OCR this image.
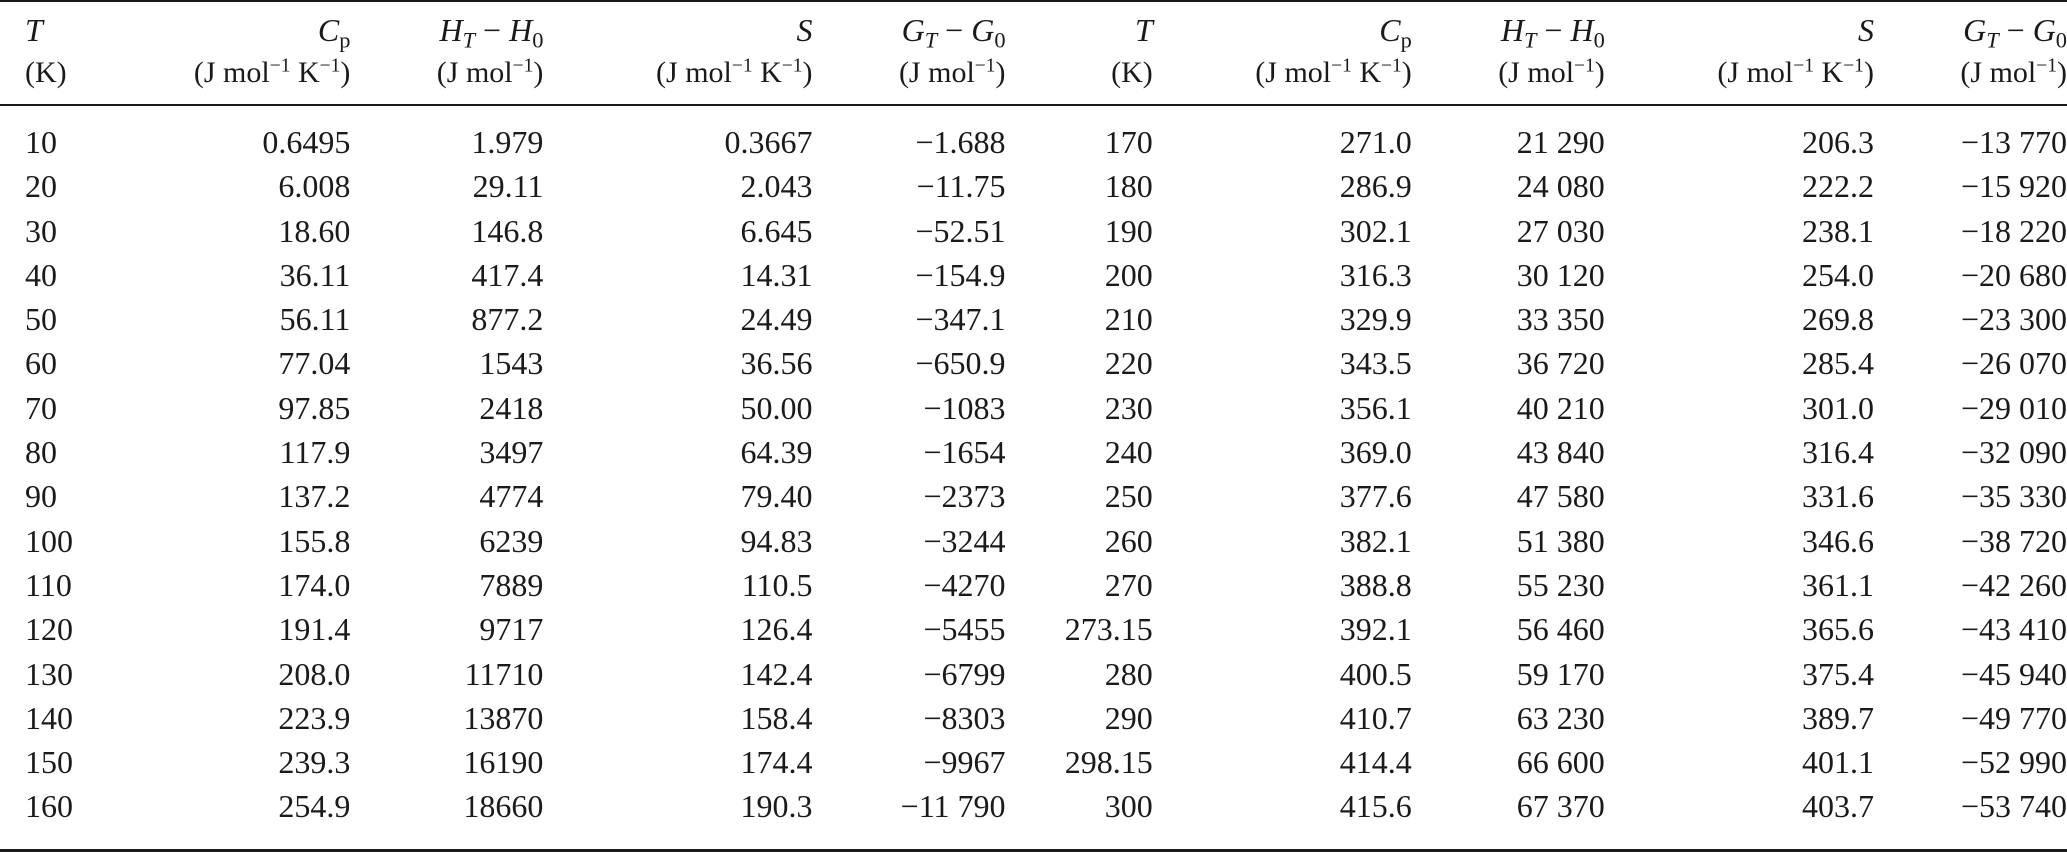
T	$C_p$	$H_T - H_0$	S	$G_T - G_0$	T	$C_p$	$H_T - H_0$	S	$G_T - G_0$
(K)	(J mol$^{-1}$ $K^{-1}$)	(J mol$^{-1}$)	(J mol$^{-1}$ $K^{-1}$)	(J mol$^{-1}$)	(K)	(J mol$^{-1}$ $K^{-1}$)	(J mol$^{-1}$)	(J mol$^{-1}$ $K^{-1}$)	(J mol$^{-1}$)
10	0.6495	1.979	0.3667	−1.688	170	271.0	21 290	206.3	−13 770
20	6.008	29.11	2.043	−11.75	180	286.9	24 080	222.2	−15 920
30	18.60	146.8	6.645	−52.51	190	302.1	27 030	238.1	−18 220
40	36.11	417.4	14.31	−154.9	200	316.3	30 120	254.0	−20 680
50	56.11	877.2	24.49	−347.1	210	329.9	33 350	269.8	−23 300
60	77.04	1543	36.56	−650.9	220	343.5	36 720	285.4	−26 070
70	97.85	2418	50.00	−1083	230	356.1	40 210	301.0	−29 010
80	117.9	3497	64.39	−1654	240	369.0	43 840	316.4	−32 090
90	137.2	4774	79.40	−2373	250	377.6	47 580	331.6	−35 330
100	155.8	6239	94.83	−3244	260	382.1	51 380	346.6	−38 720
110	174.0	7889	110.5	−4270	270	388.8	55 230	361.1	−42 260
120	191.4	9717	126.4	−5455	273.15	392.1	56 460	365.6	−43 410
130	208.0	11710	142.4	−6799	280	400.5	59 170	375.4	−45 940
140	223.9	13870	158.4	−8303	290	410.7	63 230	389.7	−49 770
150	239.3	16190	174.4	−9967	298.15	414.4	66 600	401.1	−52 990
160	254.9	18660	190.3	−11 790	300	415.6	67 370	403.7	−53 740
